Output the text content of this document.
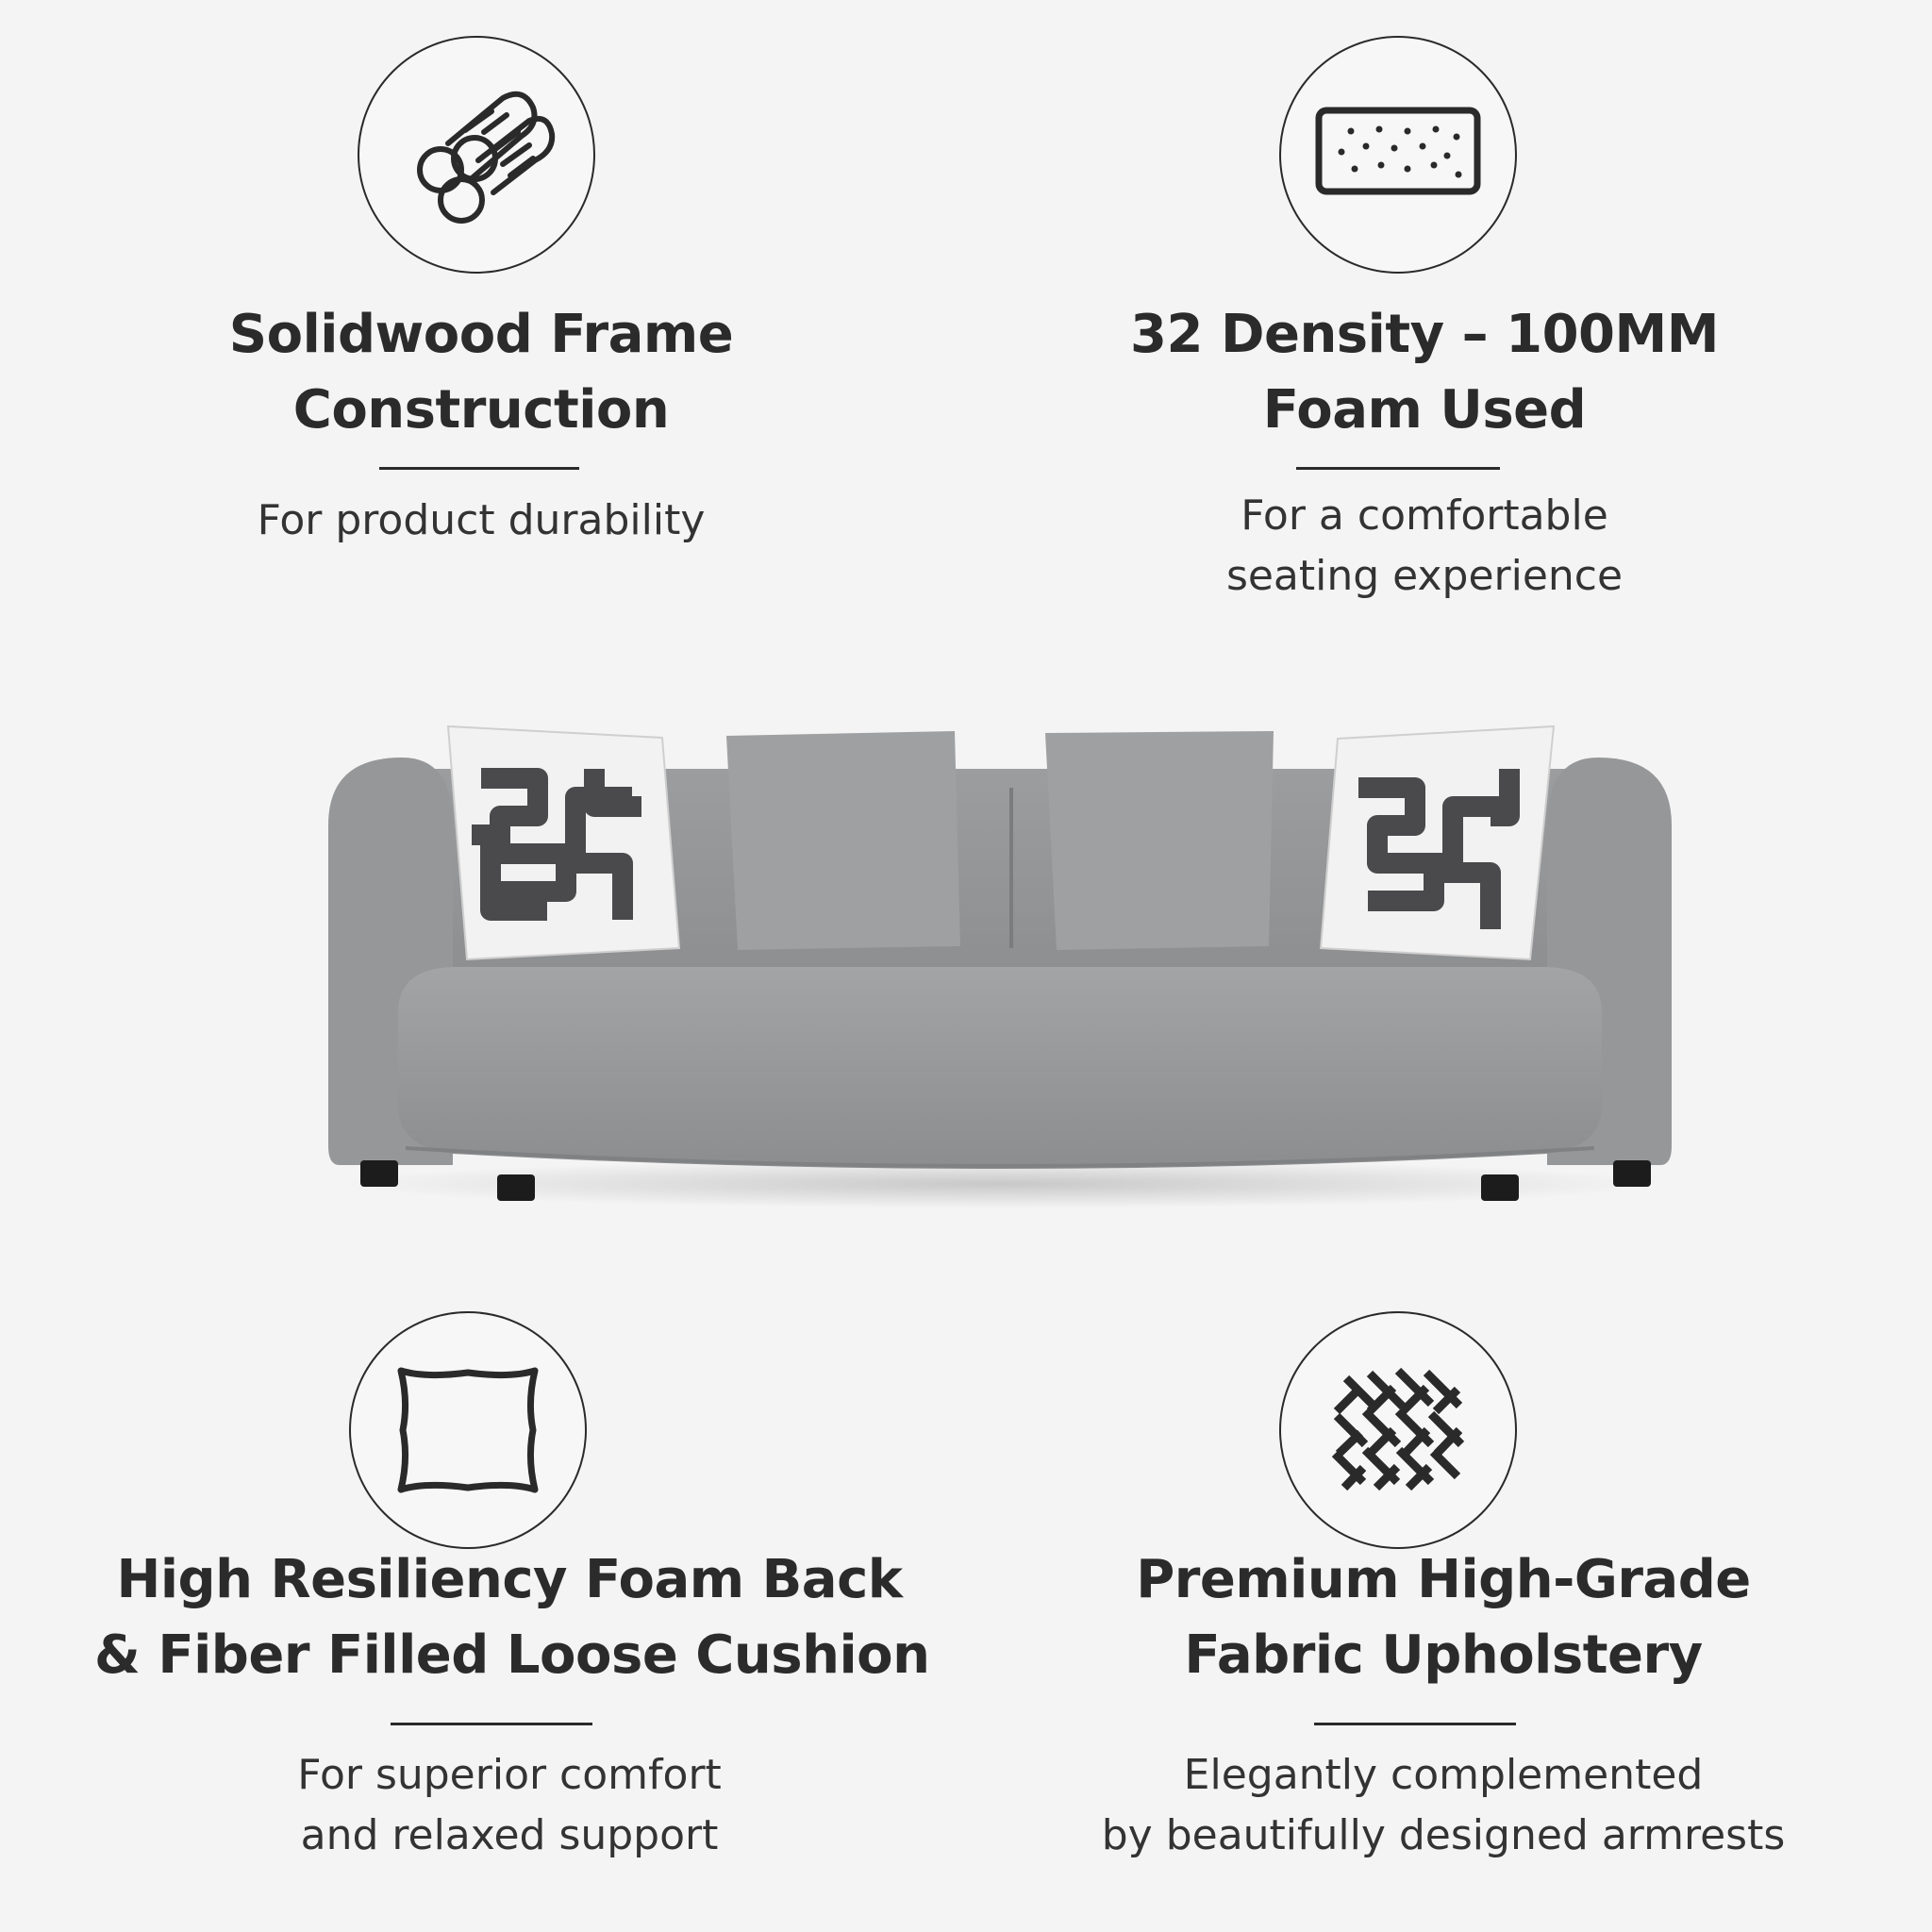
Solidwood Frame
Construction
For product durability
32 Density – 100MM
Foam Used
For a comfortable
seating experience
High Resiliency Foam Back
& Fiber Filled Loose Cushion
For superior comfort
and relaxed support
Premium High-Grade
Fabric Upholstery
Elegantly complemented
by beautifully designed armrests
